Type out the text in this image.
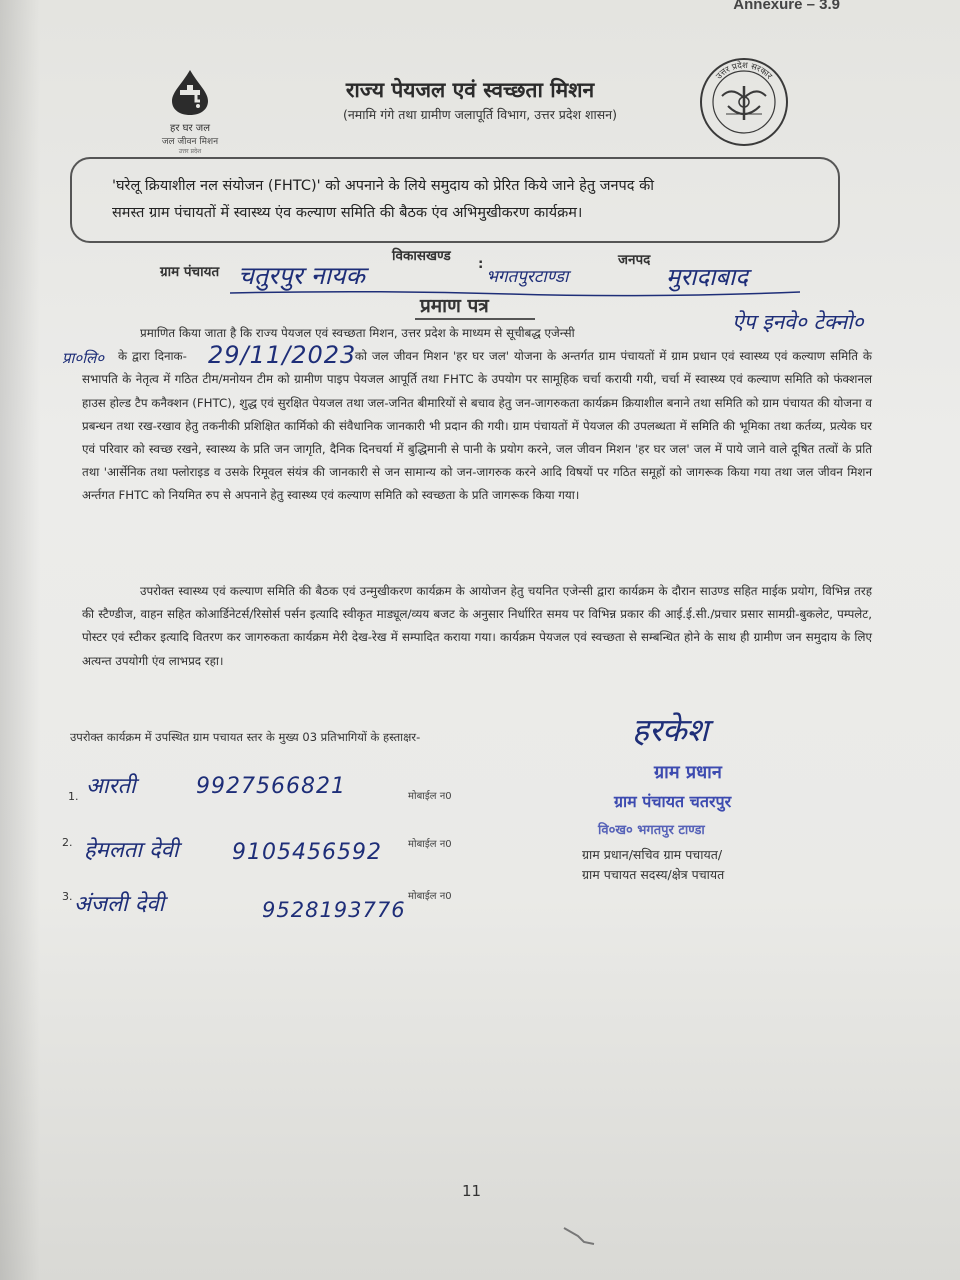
Annexure – 3.9
हर घर जल
जल जीवन मिशन
उत्तर प्रदेश
उत्तर प्रदेश सरकार
राज्य पेयजल एवं स्वच्छता मिशन
(नमामि गंगे तथा ग्रामीण जलापूर्ति विभाग, उत्तर प्रदेश शासन)
'घरेलू क्रियाशील नल संयोजन (FHTC)' को अपनाने के लिये समुदाय को प्रेरित किये जाने हेतु जनपद की
समस्त ग्राम पंचायतों में स्वास्थ्य एंव कल्याण समिति की बैठक एंव अभिमुखीकरण कार्यक्रम।
ग्राम पंचायत चतुरपुर नायक
विकासखण्ड :
भगतपुरटाण्डा
जनपद
मुरादाबाद
प्रमाण पत्र
ऐप इनवे० टेक्नो०
प्रा०लि०	29/11/2023
प्रमाणित किया जाता है कि राज्य पेयजल एवं स्वच्छता मिशन, उत्तर प्रदेश के माध्यम से सूचीबद्ध एजेन्सी
के द्वारा दिनाक-	को जल जीवन मिशन 'हर घर जल' योजना के अन्तर्गत ग्राम पंचायतों में ग्राम प्रधान एवं स्वास्थ्य एवं कल्याण समिति के सभापति के नेतृत्व में गठित टीम/मनोयन टीम को ग्रामीण पाइप पेयजल आपूर्ति तथा FHTC के उपयोग पर सामूहिक चर्चा करायी गयी, चर्चा में स्वास्थ्य एवं कल्याण समिति को फंक्शनल हाउस होल्ड टैप कनैक्शन (FHTC), शुद्ध एवं सुरक्षित पेयजल तथा जल-जनित बीमारियों से बचाव हेतु जन-जागरुकता कार्यक्रम क्रियाशील बनाने तथा समिति को ग्राम पंचायत की योजना व प्रबन्धन तथा रख-रखाव हेतु तकनीकी प्रशिक्षित कार्मिको की संवैधानिक जानकारी भी प्रदान की गयी। ग्राम पंचायतों में पेयजल की उपलब्धता में समिति की भूमिका तथा कर्तव्य, प्रत्येक घर एवं परिवार को स्वच्छ रखने, स्वास्थ्य के प्रति जन जागृति, दैनिक दिनचर्या में बुद्धिमानी से पानी के प्रयोग करने, जल जीवन मिशन 'हर घर जल' जल में पाये जाने वाले दूषित तत्वों के प्रति तथा 'आर्सेनिक तथा फ्लोराइड व उसके रिमूवल संयंत्र की जानकारी से जन सामान्य को जन-जागरुक करने आदि विषयों पर गठित समूहों को जागरूक किया गया तथा जल जीवन मिशन अर्न्तगत FHTC को नियमित रुप से अपनाने हेतु स्वास्थ्य एवं कल्याण समिति को स्वच्छता के प्रति जागरूक किया गया।
उपरोक्त स्वास्थ्य एवं कल्याण समिति की बैठक एवं उन्मुखीकरण कार्यक्रम के आयोजन हेतु चयनित एजेन्सी द्वारा कार्यक्रम के दौरान साउण्ड सहित माईक प्रयोग, विभिन्न तरह की स्टैण्डीज, वाहन सहित कोआर्डिनेटर्स/रिसोर्स पर्सन इत्यादि स्वीकृत माड्यूल/व्यय बजट के अनुसार निर्धारित समय पर विभिन्न प्रकार की आई.ई.सी./प्रचार प्रसार सामग्री-बुकलेट, पम्पलेट, पोस्टर एवं स्टीकर इत्यादि वितरण कर जागरुकता कार्यक्रम मेरी देख-रेख में सम्पादित कराया गया। कार्यक्रम पेयजल एवं स्वच्छता से सम्बन्धित होने के साथ ही ग्रामीण जन समुदाय के लिए अत्यन्त उपयोगी एंव लाभप्रद रहा।
उपरोक्त कार्यक्रम में उपस्थित ग्राम पचायत स्तर के मुख्य 03 प्रतिभागियों के हस्ताक्षर-
1. आरती	9927566821	मोबाईल न0
2. हेमलता देवी 9105456592	मोबाईल न0
3. अंजली देवी	9528193776
मोबाईल न0
हरकेश
ग्राम प्रधान
ग्राम पंचायत चतरपुर
वि०ख० भगतपुर टाण्डा
ग्राम प्रधान/सचिव ग्राम पचायत/
ग्राम पचायत सदस्य/क्षेत्र पचायत
11
